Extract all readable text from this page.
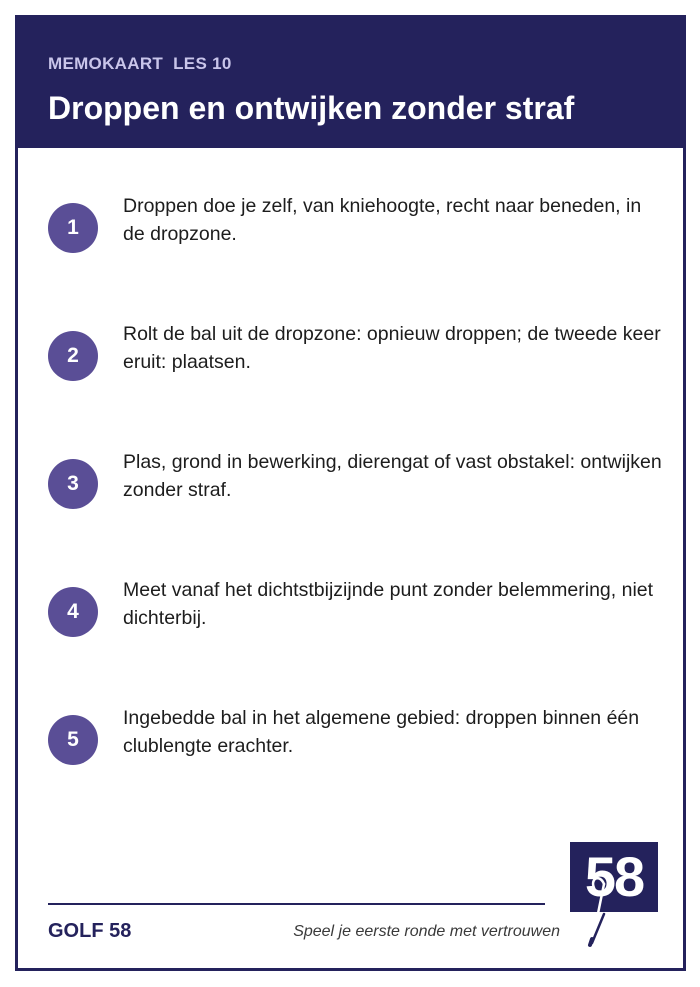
MEMOKAART  LES 10
Droppen en ontwijken zonder straf
1
Droppen doe je zelf, van kniehoogte, recht naar beneden, in de dropzone.
2
Rolt de bal uit de dropzone: opnieuw droppen; de tweede keer eruit: plaatsen.
3
Plas, grond in bewerking, dierengat of vast obstakel: ontwijken zonder straf.
4
Meet vanaf het dichtstbijzijnde punt zonder belemmering, niet dichterbij.
5
Ingebedde bal in het algemene gebied: droppen binnen één clublengte erachter.
GOLF 58	Speel je eerste ronde met vertrouwen
58
